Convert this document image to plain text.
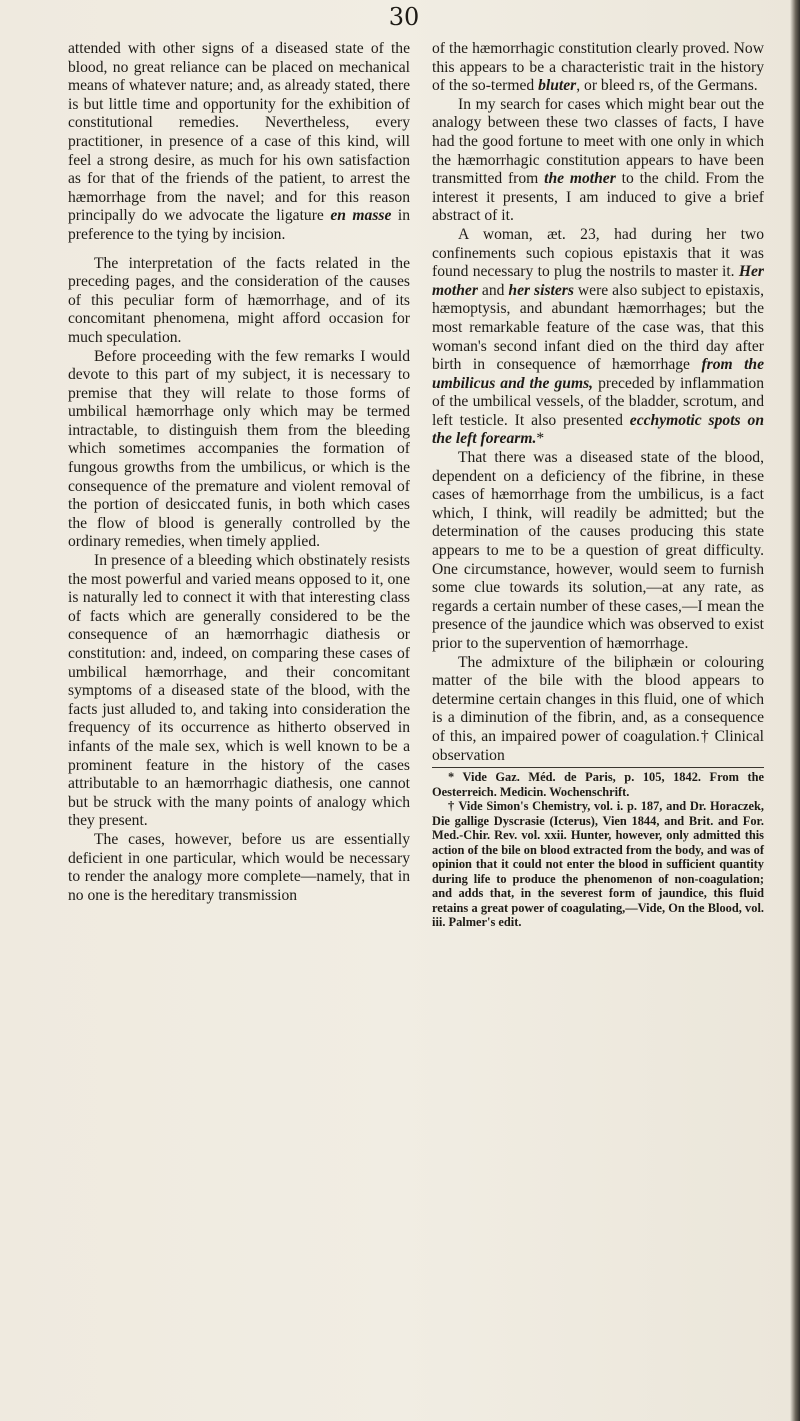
30

attended with other signs of a diseased state of the blood, no great reliance can be placed on mechanical means of whatever nature; and, as already stated, there is but little time and opportunity for the exhibition of constitutional remedies. Nevertheless, every practitioner, in presence of a case of this kind, will feel a strong desire, as much for his own satisfaction as for that of the friends of the patient, to arrest the hæmorrhage from the navel; and for this reason principally do we advocate the ligature en masse in preference to the tying by incision.

The interpretation of the facts related in the preceding pages, and the consideration of the causes of this peculiar form of hæmorrhage, and of its concomitant phenomena, might afford occasion for much speculation.

Before proceeding with the few remarks I would devote to this part of my subject, it is necessary to premise that they will relate to those forms of umbilical hæmorrhage only which may be termed intractable, to distinguish them from the bleeding which sometimes accompanies the formation of fungous growths from the umbilicus, or which is the consequence of the premature and violent removal of the portion of desiccated funis, in both which cases the flow of blood is generally controlled by the ordinary remedies, when timely applied.

In presence of a bleeding which obstinately resists the most powerful and varied means opposed to it, one is naturally led to connect it with that interesting class of facts which are generally considered to be the consequence of an hæmorrhagic diathesis or constitution: and, indeed, on comparing these cases of umbilical hæmorrhage, and their concomitant symptoms of a diseased state of the blood, with the facts just alluded to, and taking into consideration the frequency of its occurrence as hitherto observed in infants of the male sex, which is well known to be a prominent feature in the history of the cases attributable to an hæmorrhagic diathesis, one cannot but be struck with the many points of analogy which they present.

The cases, however, before us are essentially deficient in one particular, which would be necessary to render the analogy more complete—namely, that in no one is the hereditary transmission

of the hæmorrhagic constitution clearly proved. Now this appears to be a characteristic trait in the history of the so-termed bluter, or bleed rs, of the Germans.

In my search for cases which might bear out the analogy between these two classes of facts, I have had the good fortune to meet with one only in which the hæmorrhagic constitution appears to have been transmitted from the mother to the child. From the interest it presents, I am induced to give a brief abstract of it.

A woman, æt. 23, had during her two confinements such copious epistaxis that it was found necessary to plug the nostrils to master it. Her mother and her sisters were also subject to epistaxis, hæmoptysis, and abundant hæmorrhages; but the most remarkable feature of the case was, that this woman's second infant died on the third day after birth in consequence of hæmorrhage from the umbilicus and the gums, preceded by inflammation of the umbilical vessels, of the bladder, scrotum, and left testicle. It also presented ecchymotic spots on the left forearm.*

That there was a diseased state of the blood, dependent on a deficiency of the fibrine, in these cases of hæmorrhage from the umbilicus, is a fact which, I think, will readily be admitted; but the determination of the causes producing this state appears to me to be a question of great difficulty. One circumstance, however, would seem to furnish some clue towards its solution,—at any rate, as regards a certain number of these cases,—I mean the presence of the jaundice which was observed to exist prior to the supervention of hæmorrhage.

The admixture of the biliphæin or colouring matter of the bile with the blood appears to determine certain changes in this fluid, one of which is a diminution of the fibrin, and, as a consequence of this, an impaired power of coagulation.† Clinical observation

* Vide Gaz. Méd. de Paris, p. 105, 1842. From the Oesterreich. Medicin. Wochenschrift.

† Vide Simon's Chemistry, vol. i. p. 187, and Dr. Horaczek, Die gallige Dyscrasie (Icterus), Vien 1844, and Brit. and For. Med.-Chir. Rev. vol. xxii. Hunter, however, only admitted this action of the bile on blood extracted from the body, and was of opinion that it could not enter the blood in sufficient quantity during life to produce the phenomenon of non-coagulation; and adds that, in the severest form of jaundice, this fluid retains a great power of coagulating,—Vide, On the Blood, vol. iii. Palmer's edit.
